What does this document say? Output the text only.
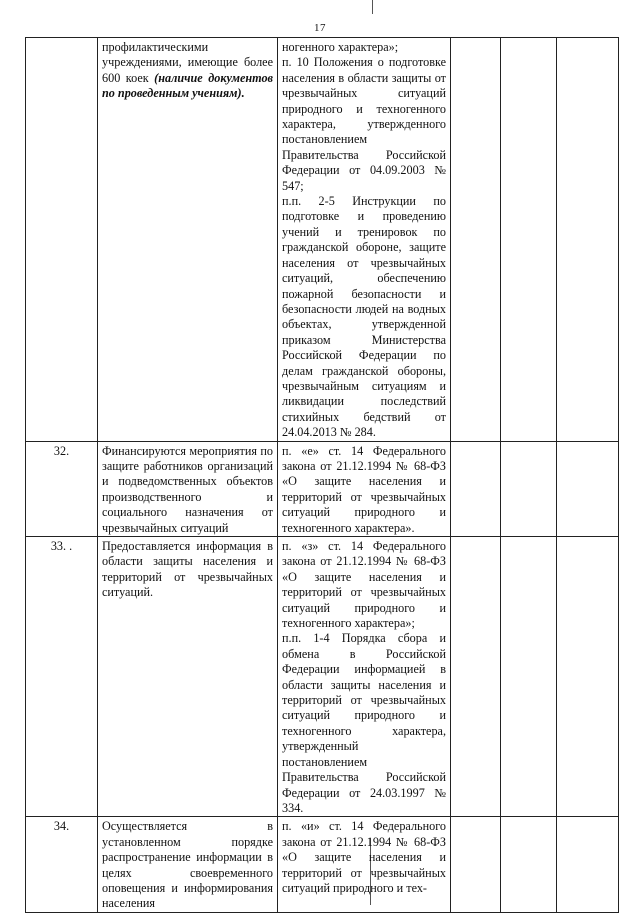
17
	профилактическими учреждениями, имеющие более 600 коек (наличие документов по проведенным учениям).	ногенного характера»;
п. 10 Положения о подготовке населения в области защиты от чрезвычайных ситуаций природного и техногенного характера, утвержденного постановлением Правительства Российской Федерации от 04.09.2003 № 547;
п.п. 2-5 Инструкции по подготовке и проведению учений и тренировок по гражданской обороне, защите населения от чрезвычайных ситуаций, обеспечению пожарной безопасности и безопасности людей на водных объектах, утвержденной приказом Министерства Российской Федерации по делам гражданской обороны, чрезвычайным ситуациям и ликвидации последствий стихийных бедствий от 24.04.2013 № 284.			

32.	Финансируются мероприятия по защите работников организаций и подведомственных объектов производственного и социального назначения от чрезвычайных ситуаций	п. «е» ст. 14 Федерального закона от 21.12.1994 № 68-ФЗ «О защите населения и территорий от чрезвычайных ситуаций природного и техногенного характера».			

33. .	Предоставляется информация в области защиты населения и территорий от чрезвычайных ситуаций.	п. «з» ст. 14 Федерального закона от 21.12.1994 № 68-ФЗ «О защите населения и территорий от чрезвычайных ситуаций природного и техногенного характера»;
п.п. 1-4 Порядка сбора и обмена в Российской Федерации информацией в области защиты населения и территорий от чрезвычайных ситуаций природного и техногенного характера, утвержденный постановлением Правительства Российской Федерации от 24.03.1997 № 334.			

34.	Осуществляется в установленном порядке распространение информации в целях своевременного оповещения и информирования населения	п. «и» ст. 14 Федерального закона от 21.12.1994 № 68-ФЗ «О защите населения и территорий от чрезвычайных ситуаций природного и тех-			
